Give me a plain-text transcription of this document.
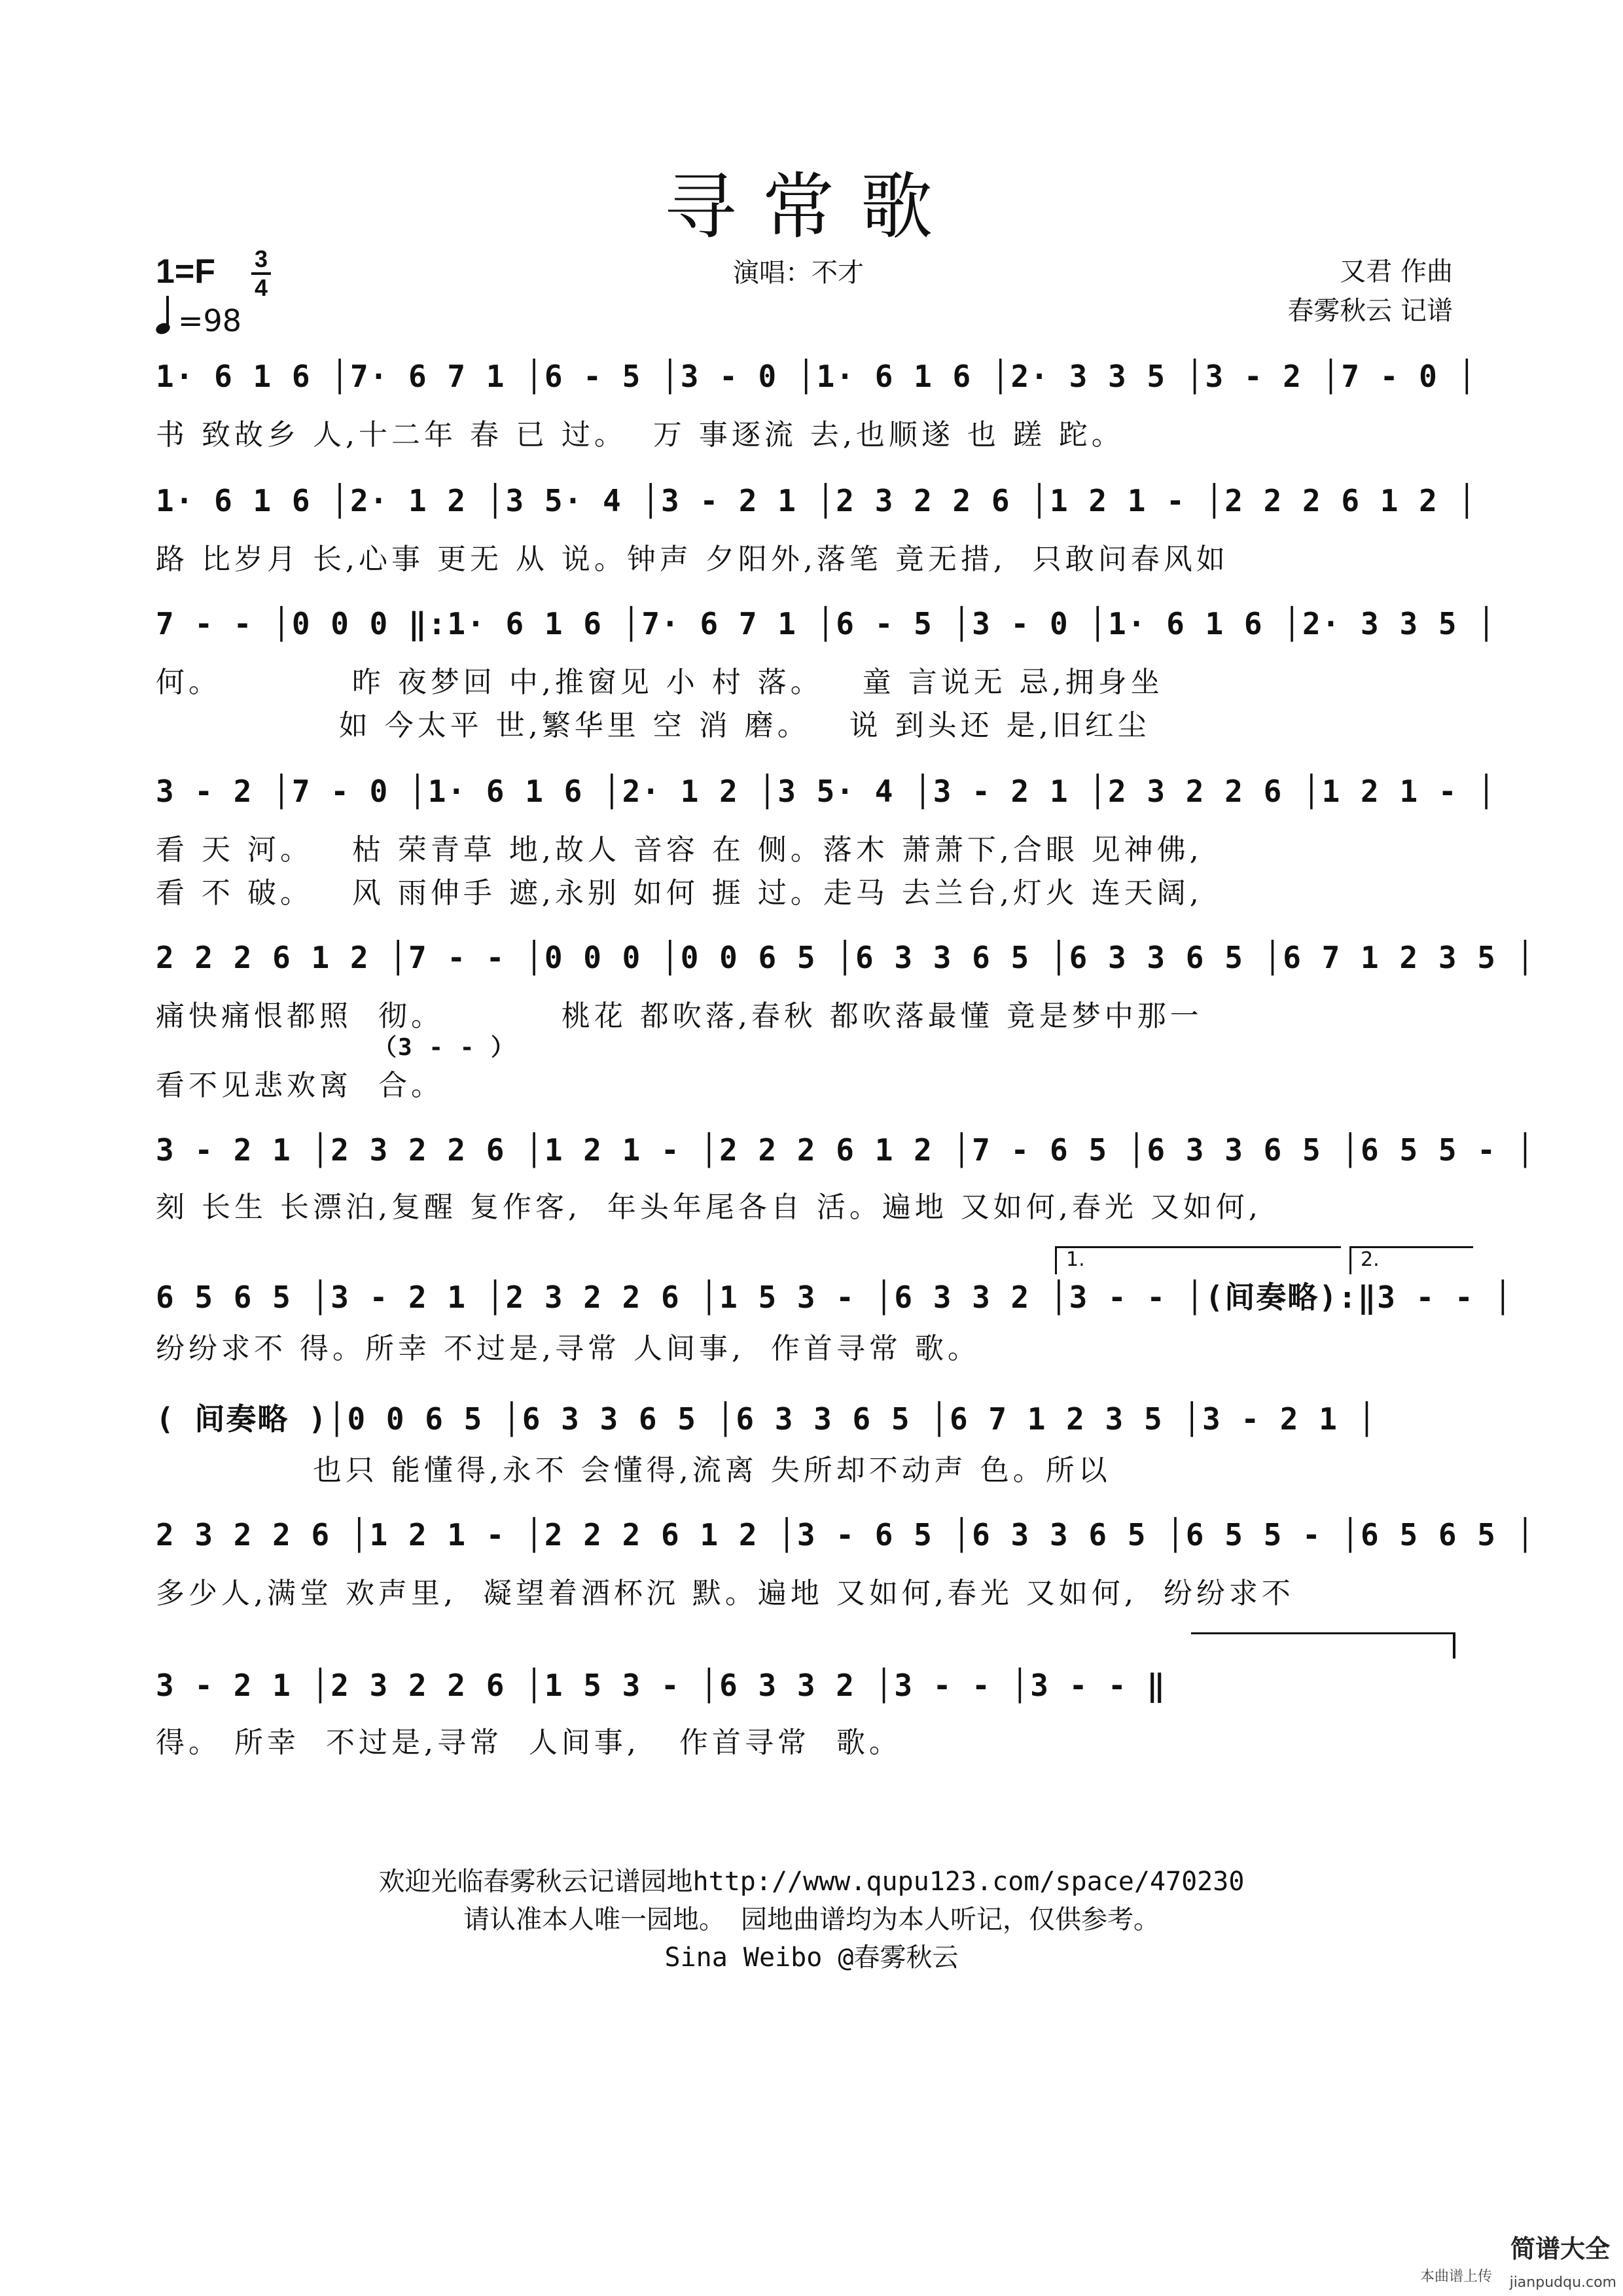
寻常歌
1=F 3
4
=98
演唱：不才	又君 作曲
春雾秋云 记谱
1· 6 1 6 │7· 6 7 1 │6 - 5 │3 - 0 │1· 6 1 6 │2· 3 3 5 │3 - 2 │7 - 0 │
书 致故乡 人,十二年 春 已 过。  万 事逐流 去,也顺遂 也 蹉 跎。
1· 6 1 6 │2· 1 2 │3 5· 4 │3 - 2 1 │2 3 2 2 6 │1 2 1 - │2 2 2 6 1 2 │
路 比岁月 长,心事 更无 从 说。钟声 夕阳外,落笔 竟无措,  只敢问春风如
7 - - │0 0 0 ‖:1· 6 1 6 │7· 6 7 1 │6 - 5 │3 - 0 │1· 6 1 6 │2· 3 3 5 │
何。          昨 夜梦回 中,推窗见 小 村 落。   童 言说无 忌,拥身坐
如 今太平 世,繁华里 空 消 磨。   说 到头还 是,旧红尘
3 - 2 │7 - 0 │1· 6 1 6 │2· 1 2 │3 5· 4 │3 - 2 1 │2 3 2 2 6 │1 2 1 - │
看 天 河。   枯 荣青草 地,故人 音容 在 侧。落木 萧萧下,合眼 见神佛,
看 不 破。   风 雨伸手 遮,永别 如何 捱 过。走马 去兰台,灯火 连天阔,
2 2 2 6 1 2 │7 - - │0 0 0 │0 0 6 5 │6 3 3 6 5 │6 3 3 6 5 │6 7 1 2 3 5 │
痛快痛恨都照  彻。         桃花 都吹落,春秋 都吹落最懂 竟是梦中那一
（3 - - ）
看不见悲欢离  合。
3 - 2 1 │2 3 2 2 6 │1 2 1 - │2 2 2 6 1 2 │7 - 6 5 │6 3 3 6 5 │6 5 5 - │
刻 长生 长漂泊,复醒 复作客,  年头年尾各自 活。遍地 又如何,春光 又如何,
1.	2.
6 5 6 5 │3 - 2 1 │2 3 2 2 6 │1 5 3 - │6 3 3 2 │3 - - │(间奏略):‖3 - - │
纷纷求不 得。所幸 不过是,寻常 人间事,  作首寻常 歌。
( 间奏略 )│0 0 6 5 │6 3 3 6 5 │6 3 3 6 5 │6 7 1 2 3 5 │3 - 2 1 │
也只 能懂得,永不 会懂得,流离 失所却不动声 色。所以
2 3 2 2 6 │1 2 1 - │2 2 2 6 1 2 │3 - 6 5 │6 3 3 6 5 │6 5 5 - │6 5 6 5 │
多少人,满堂 欢声里,  凝望着酒杯沉 默。遍地 又如何,春光 又如何,  纷纷求不
3 - 2 1 │2 3 2 2 6 │1 5 3 - │6 3 3 2 │3 - - │3 - - ‖
得。 所幸  不过是,寻常  人间事,   作首寻常  歌。
欢迎光临春雾秋云记谱园地http://www.qupu123.com/space/470230
请认准本人唯一园地。 园地曲谱均为本人听记，仅供参考。
Sina Weibo @春雾秋云
简谱大全
本曲谱上传 jianpudqu.com
